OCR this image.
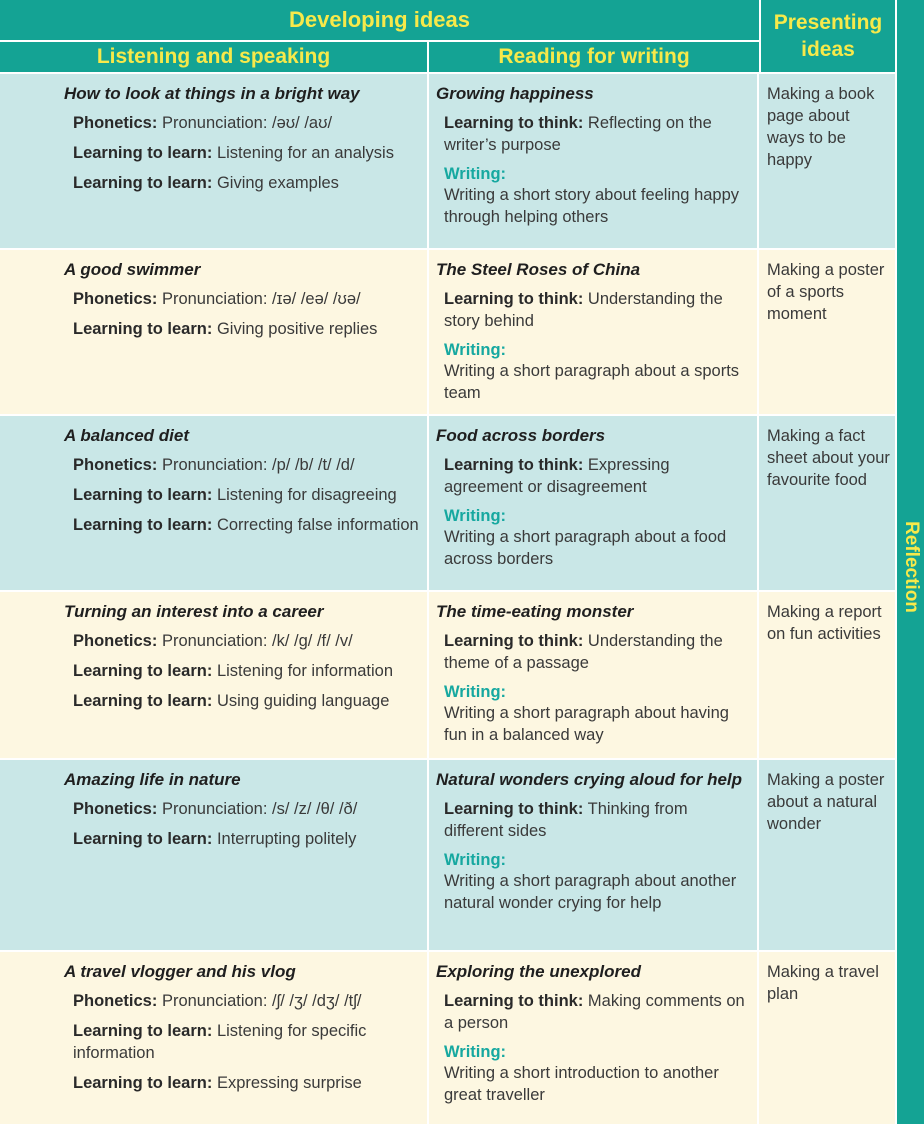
Developing ideas
Listening and speaking	Reading for writing
Presenting ideas
Reflection
How to look at things in a bright way
Phonetics: Pronunciation: /əʊ/ /aʊ/
Learning to learn: Listening for an analysis
Learning to learn: Giving examples
Growing happiness
Learning to think: Reflecting on the writer’s purpose
Writing:
Writing a short story about feeling happy through helping others
Making a book page about ways to be happy
A good swimmer
Phonetics: Pronunciation: /ɪə/ /eə/ /ʊə/
Learning to learn: Giving positive replies
The Steel Roses of China
Learning to think: Understanding the story behind
Writing:
Writing a short paragraph about a sports team
Making a poster of a sports moment
A balanced diet
Phonetics: Pronunciation: /p/ /b/ /t/ /d/
Learning to learn: Listening for disagreeing
Learning to learn: Correcting false information
Food across borders
Learning to think: Expressing agreement or disagreement
Writing:
Writing a short paragraph about a food across borders
Making a fact sheet about your favourite food
Turning an interest into a career
Phonetics: Pronunciation: /k/ /g/ /f/ /v/
Learning to learn: Listening for information
Learning to learn: Using guiding language
The time-eating monster
Learning to think: Understanding the theme of a passage
Writing:
Writing a short paragraph about having fun in a balanced way
Making a report on fun activities
Amazing life in nature
Phonetics: Pronunciation: /s/ /z/ /θ/ /ð/
Learning to learn: Interrupting politely
Natural wonders crying aloud for help
Learning to think: Thinking from different sides
Writing:
Writing a short paragraph about another natural wonder crying for help
Making a poster about a natural wonder
A travel vlogger and his vlog
Phonetics: Pronunciation: /ʃ/ /ʒ/ /dʒ/ /tʃ/
Learning to learn: Listening for specific information
Learning to learn: Expressing surprise
Exploring the unexplored
Learning to think: Making comments on a person
Writing:
Writing a short introduction to another great traveller
Making a travel plan
